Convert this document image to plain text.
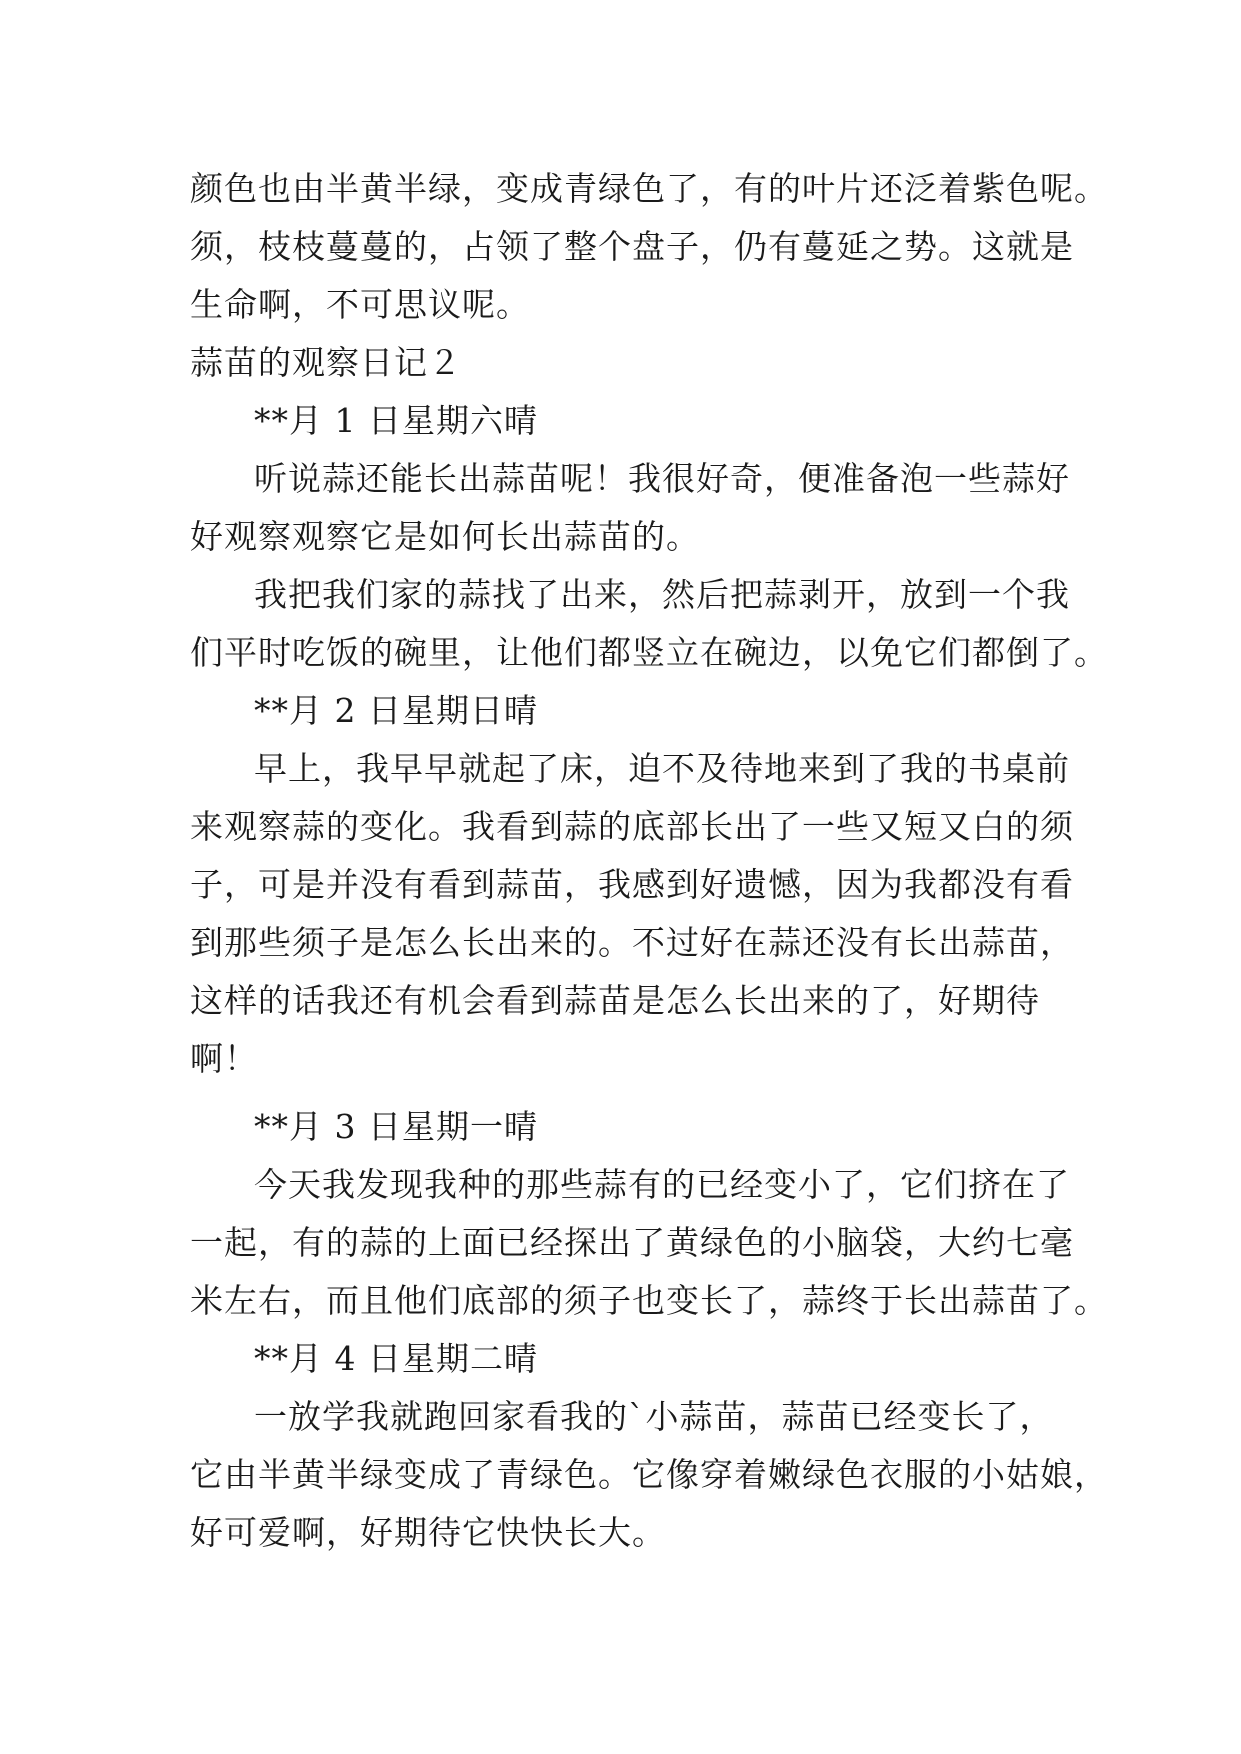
颜色也由半黄半绿，变成青绿色了，有的叶片还泛着紫色呢。
须，枝枝蔓蔓的，占领了整个盘子，仍有蔓延之势。这就是
生命啊，不可思议呢。
蒜苗的观察日记２
**月 1 日星期六晴
听说蒜还能长出蒜苗呢！我很好奇，便准备泡一些蒜好
好观察观察它是如何长出蒜苗的。
我把我们家的蒜找了出来，然后把蒜剥开，放到一个我
们平时吃饭的碗里，让他们都竖立在碗边，以免它们都倒了。
**月 2 日星期日晴
早上，我早早就起了床，迫不及待地来到了我的书桌前
来观察蒜的变化。我看到蒜的底部长出了一些又短又白的须
子，可是并没有看到蒜苗，我感到好遗憾，因为我都没有看
到那些须子是怎么长出来的。不过好在蒜还没有长出蒜苗，
这样的话我还有机会看到蒜苗是怎么长出来的了，好期待
啊！
**月 3 日星期一晴
今天我发现我种的那些蒜有的已经变小了，它们挤在了
一起，有的蒜的上面已经探出了黄绿色的小脑袋，大约七毫
米左右，而且他们底部的须子也变长了，蒜终于长出蒜苗了。
**月 4 日星期二晴
一放学我就跑回家看我的`小蒜苗，蒜苗已经变长了，
它由半黄半绿变成了青绿色。它像穿着嫩绿色衣服的小姑娘，
好可爱啊，好期待它快快长大。
